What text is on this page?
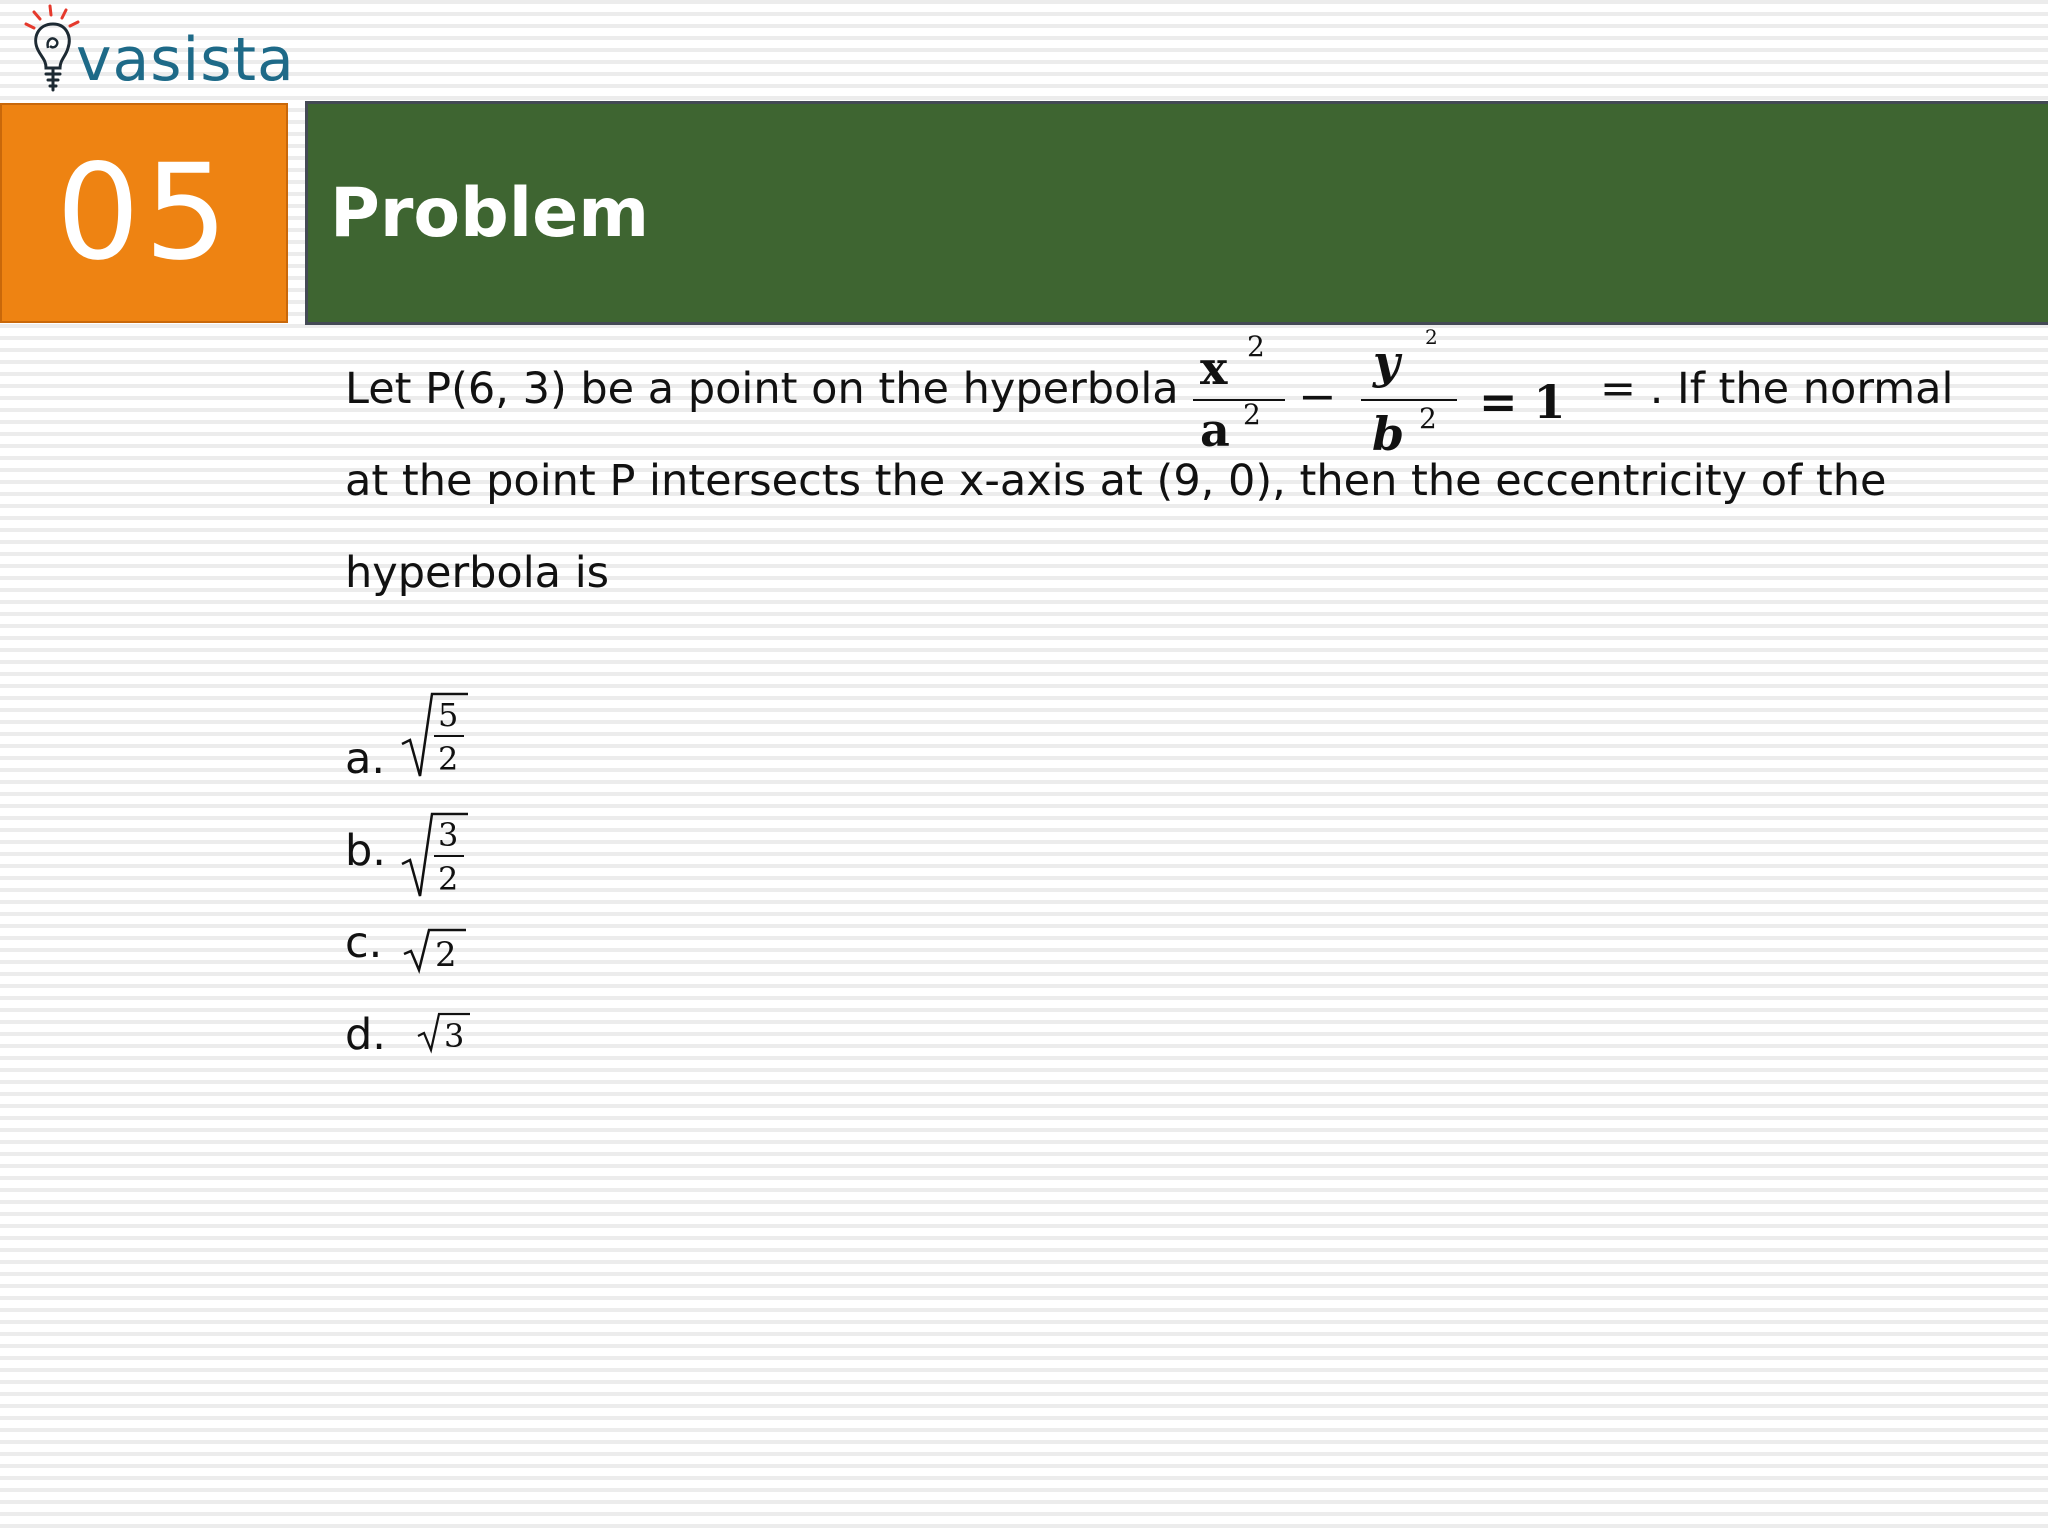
vasista
05 Problem
Let P(6, 3) be a point on the hyperbola x 2
a 2 −
y 2
b 2 = 1 = . If the normal
at the point P intersects the x-axis at (9, 0), then the eccentricity of the
hyperbola is
a.
5
2
b. 3
2
c. 2
d. 3
